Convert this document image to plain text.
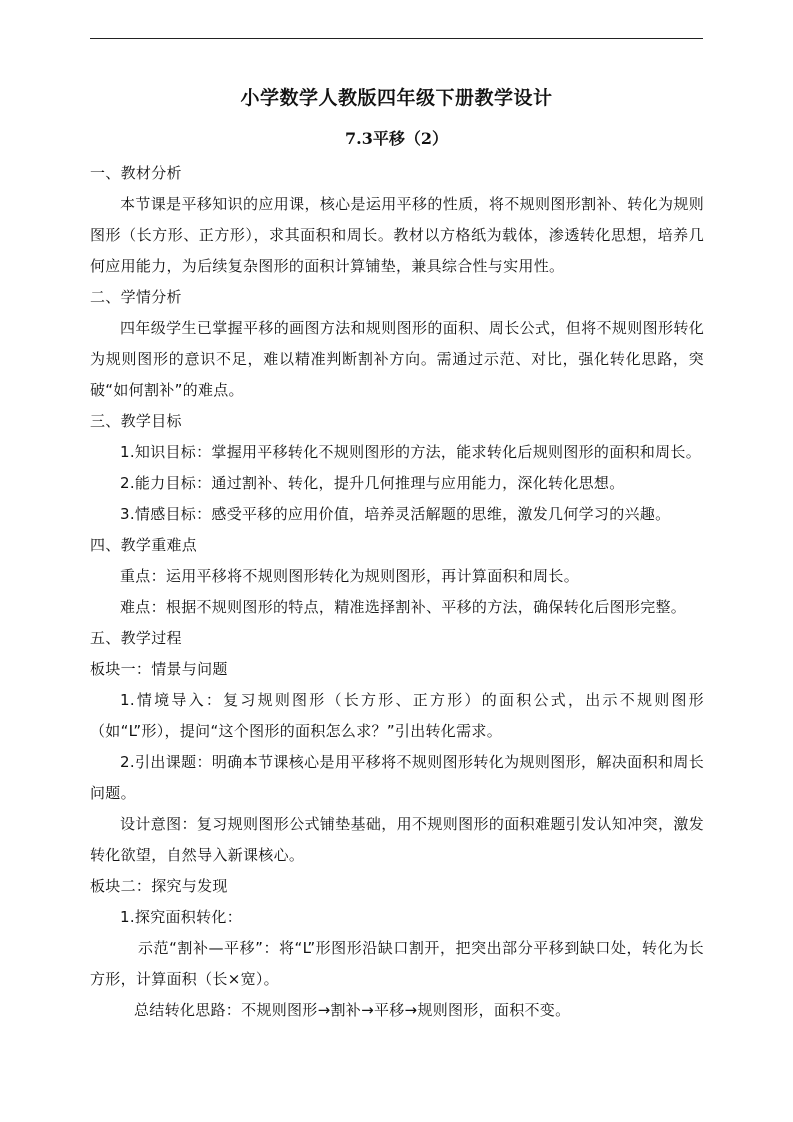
小学数学人教版四年级下册教学设计
7.3平移（2）

一、教材分析

本节课是平移知识的应用课，核心是运用平移的性质，将不规则图形割补、转化为规则图形（长方形、正方形），求其面积和周长。教材以方格纸为载体，渗透转化思想，培养几何应用能力，为后续复杂图形的面积计算铺垫，兼具综合性与实用性。

二、学情分析

四年级学生已掌握平移的画图方法和规则图形的面积、周长公式，但将不规则图形转化为规则图形的意识不足，难以精准判断割补方向。需通过示范、对比，强化转化思路，突破“如何割补”的难点。

三、教学目标

1.知识目标：掌握用平移转化不规则图形的方法，能求转化后规则图形的面积和周长。

2.能力目标：通过割补、转化，提升几何推理与应用能力，深化转化思想。

3.情感目标：感受平移的应用价值，培养灵活解题的思维，激发几何学习的兴趣。

四、教学重难点

重点：运用平移将不规则图形转化为规则图形，再计算面积和周长。

难点：根据不规则图形的特点，精准选择割补、平移的方法，确保转化后图形完整。

五、教学过程

板块一：情景与问题

1.情境导入：复习规则图形（长方形、正方形）的面积公式，出示不规则图形（如“L”形），提问“这个图形的面积怎么求？”引出转化需求。

2.引出课题：明确本节课核心是用平移将不规则图形转化为规则图形，解决面积和周长问题。

设计意图：复习规则图形公式铺垫基础，用不规则图形的面积难题引发认知冲突，激发转化欲望，自然导入新课核心。

板块二：探究与发现

1.探究面积转化：

示范“割补—平移”：将“L”形图形沿缺口割开，把突出部分平移到缺口处，转化为长方形，计算面积（长×宽）。

总结转化思路：不规则图形→割补→平移→规则图形，面积不变。
